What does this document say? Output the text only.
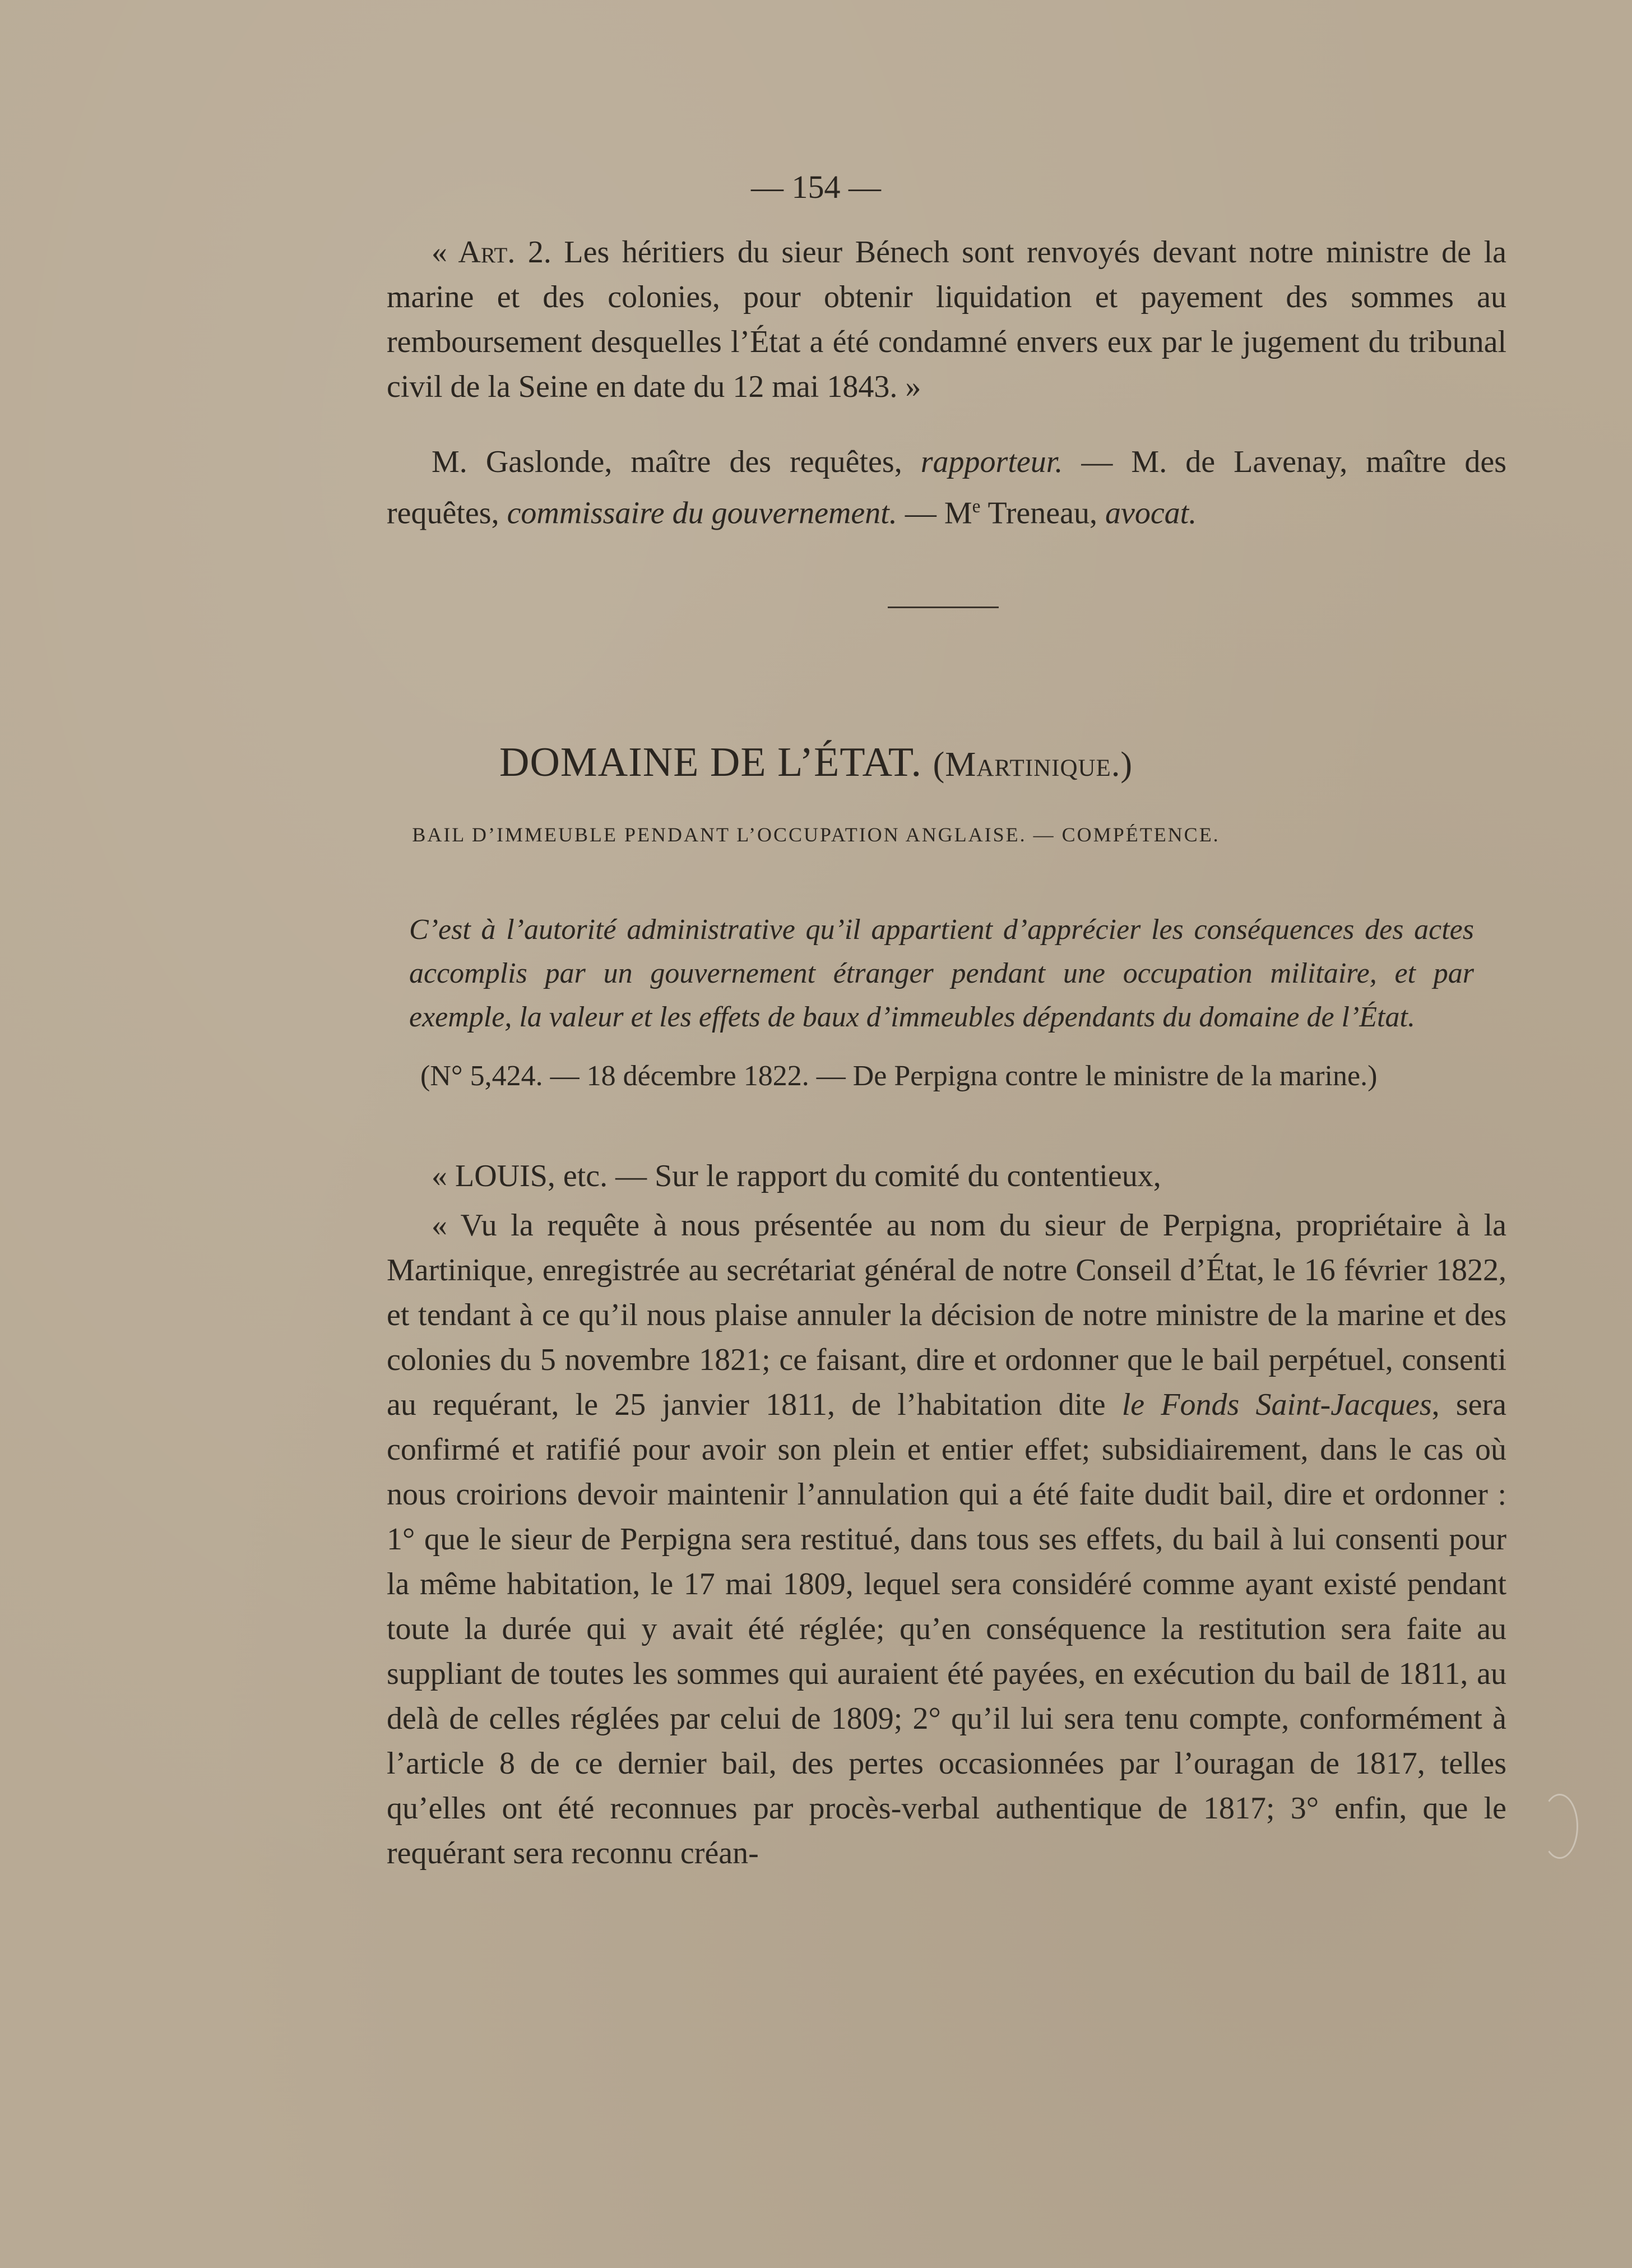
— 154 —

« Art. 2. Les héritiers du sieur Bénech sont renvoyés devant notre ministre de la marine et des colonies, pour obtenir liquidation et payement des sommes au remboursement desquelles l’État a été condamné envers eux par le jugement du tribunal civil de la Seine en date du 12 mai 1843. »

M. Gaslonde, maître des requêtes, rapporteur. — M. de Lavenay, maître des requêtes, commissaire du gouvernement. — Me Treneau, avocat.

DOMAINE DE L’ÉTAT. (Martinique.)
BAIL D’IMMEUBLE PENDANT L’OCCUPATION ANGLAISE. — COMPÉTENCE.

C’est à l’autorité administrative qu’il appartient d’apprécier les conséquences des actes accomplis par un gouvernement étranger pendant une occupation militaire, et par exemple, la valeur et les effets de baux d’immeubles dépendants du domaine de l’État.

(N° 5,424. — 18 décembre 1822. — De Perpigna contre le ministre de la marine.)

« LOUIS, etc. — Sur le rapport du comité du contentieux,

« Vu la requête à nous présentée au nom du sieur de Perpigna, propriétaire à la Martinique, enregistrée au secrétariat général de notre Conseil d’État, le 16 février 1822, et tendant à ce qu’il nous plaise annuler la décision de notre ministre de la marine et des colonies du 5 novembre 1821; ce faisant, dire et ordonner que le bail perpétuel, consenti au requérant, le 25 janvier 1811, de l’habitation dite le Fonds Saint-Jacques, sera confirmé et ratifié pour avoir son plein et entier effet; subsidiairement, dans le cas où nous croirions devoir maintenir l’annulation qui a été faite dudit bail, dire et ordonner : 1° que le sieur de Perpigna sera restitué, dans tous ses effets, du bail à lui consenti pour la même habitation, le 17 mai 1809, lequel sera considéré comme ayant existé pendant toute la durée qui y avait été réglée; qu’en conséquence la restitution sera faite au suppliant de toutes les sommes qui auraient été payées, en exécution du bail de 1811, au delà de celles réglées par celui de 1809; 2° qu’il lui sera tenu compte, conformément à l’article 8 de ce dernier bail, des pertes occasionnées par l’ouragan de 1817, telles qu’elles ont été reconnues par procès-verbal authentique de 1817; 3° enfin, que le requérant sera reconnu créan-
